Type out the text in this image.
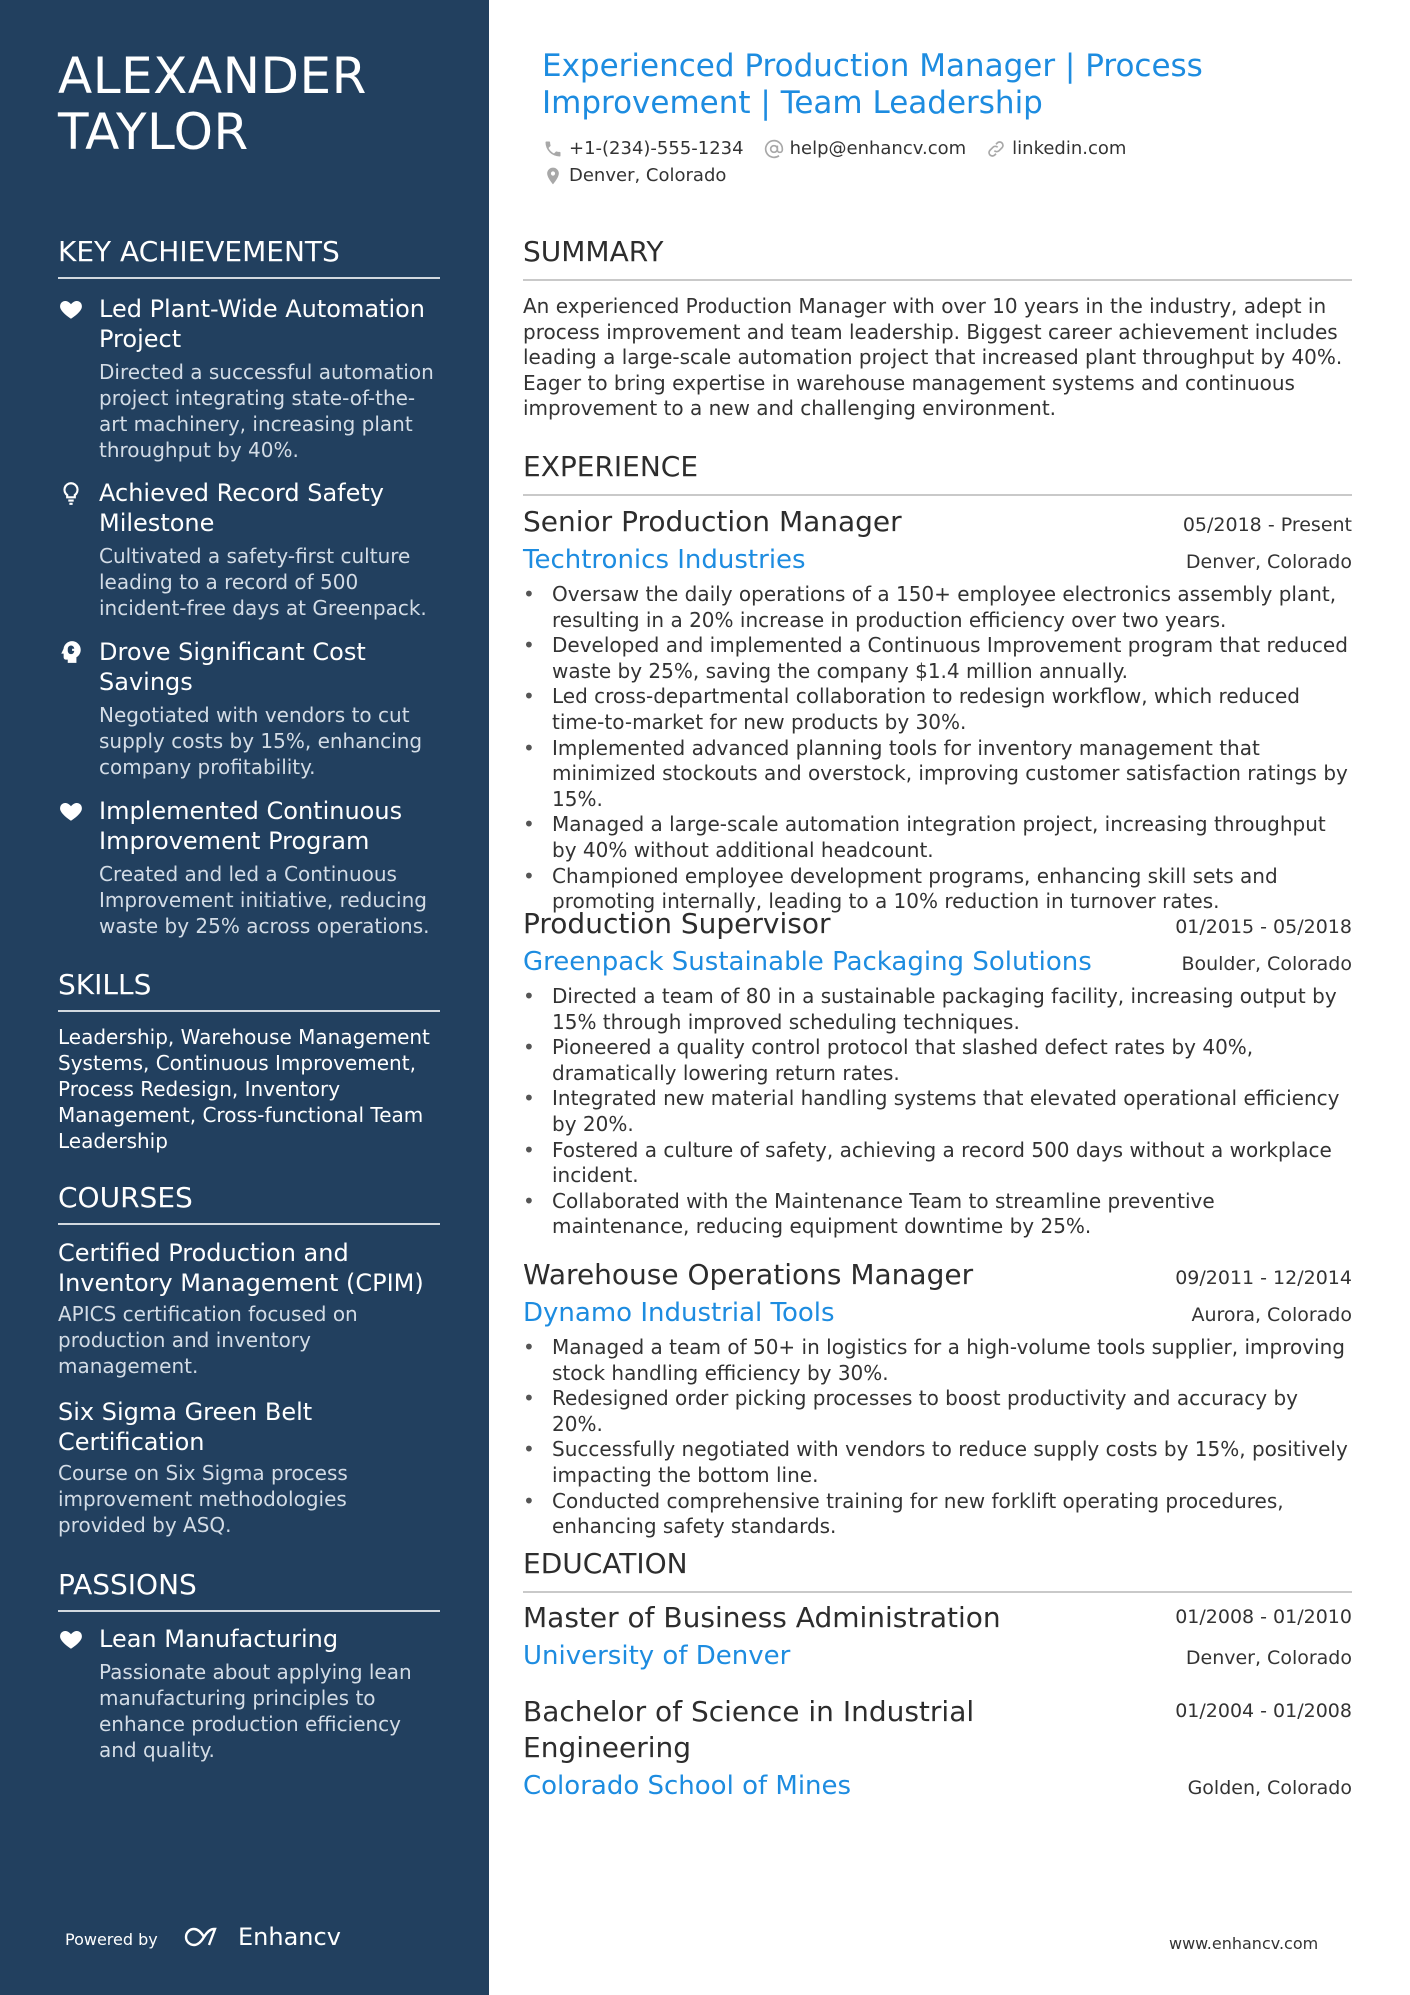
ALEXANDER TAYLOR
KEY ACHIEVEMENTS
Led Plant-Wide Automation Project
Directed a successful automation project integrating state-of-the-art machinery, increasing plant throughput by 40%.
Achieved Record Safety Milestone
Cultivated a safety-first culture leading to a record of 500 incident-free days at Greenpack.
Drove Significant Cost Savings
Negotiated with vendors to cut supply costs by 15%, enhancing company profitability.
Implemented Continuous Improvement Program
Created and led a Continuous Improvement initiative, reducing waste by 25% across operations.
SKILLS
Leadership, Warehouse Management Systems, Continuous Improvement, Process Redesign, Inventory Management, Cross-functional Team Leadership
COURSES
Certified Production and Inventory Management (CPIM)
APICS certification focused on production and inventory management.
Six Sigma Green Belt Certification
Course on Six Sigma process improvement methodologies provided by ASQ.
PASSIONS
Lean Manufacturing
Passionate about applying lean manufacturing principles to enhance production efficiency and quality.
Powered by	Enhancv
Experienced Production Manager | Process Improvement | Team Leadership
+1-(234)-555-1234	help@enhancv.com	linkedin.com
Denver, Colorado
SUMMARY
An experienced Production Manager with over 10 years in the industry, adept in process improvement and team leadership. Biggest career achievement includes leading a large-scale automation project that increased plant throughput by 40%. Eager to bring expertise in warehouse management systems and continuous improvement to a new and challenging environment.
EXPERIENCE
Senior Production Manager	05/2018 - Present
Techtronics Industries	Denver, Colorado
• Oversaw the daily operations of a 150+ employee electronics assembly plant, resulting in a 20% increase in production efficiency over two years.
• Developed and implemented a Continuous Improvement program that reduced waste by 25%, saving the company $1.4 million annually.
• Led cross-departmental collaboration to redesign workflow, which reduced time-to-market for new products by 30%.
• Implemented advanced planning tools for inventory management that minimized stockouts and overstock, improving customer satisfaction ratings by 15%.
• Managed a large-scale automation integration project, increasing throughput by 40% without additional headcount.
• Championed employee development programs, enhancing skill sets and promoting internally, leading to a 10% reduction in turnover rates.
Production Supervisor	01/2015 - 05/2018
Greenpack Sustainable Packaging Solutions	Boulder, Colorado
• Directed a team of 80 in a sustainable packaging facility, increasing output by 15% through improved scheduling techniques.
• Pioneered a quality control protocol that slashed defect rates by 40%, dramatically lowering return rates.
• Integrated new material handling systems that elevated operational efficiency by 20%.
• Fostered a culture of safety, achieving a record 500 days without a workplace incident.
• Collaborated with the Maintenance Team to streamline preventive maintenance, reducing equipment downtime by 25%.
Warehouse Operations Manager	09/2011 - 12/2014
Dynamo Industrial Tools	Aurora, Colorado
• Managed a team of 50+ in logistics for a high-volume tools supplier, improving stock handling efficiency by 30%.
• Redesigned order picking processes to boost productivity and accuracy by 20%.
• Successfully negotiated with vendors to reduce supply costs by 15%, positively impacting the bottom line.
• Conducted comprehensive training for new forklift operating procedures, enhancing safety standards.
EDUCATION
Master of Business Administration	01/2008 - 01/2010
University of Denver	Denver, Colorado
Bachelor of Science in Industrial Engineering
01/2004 - 01/2008
Colorado School of Mines	Golden, Colorado
www.enhancv.com
